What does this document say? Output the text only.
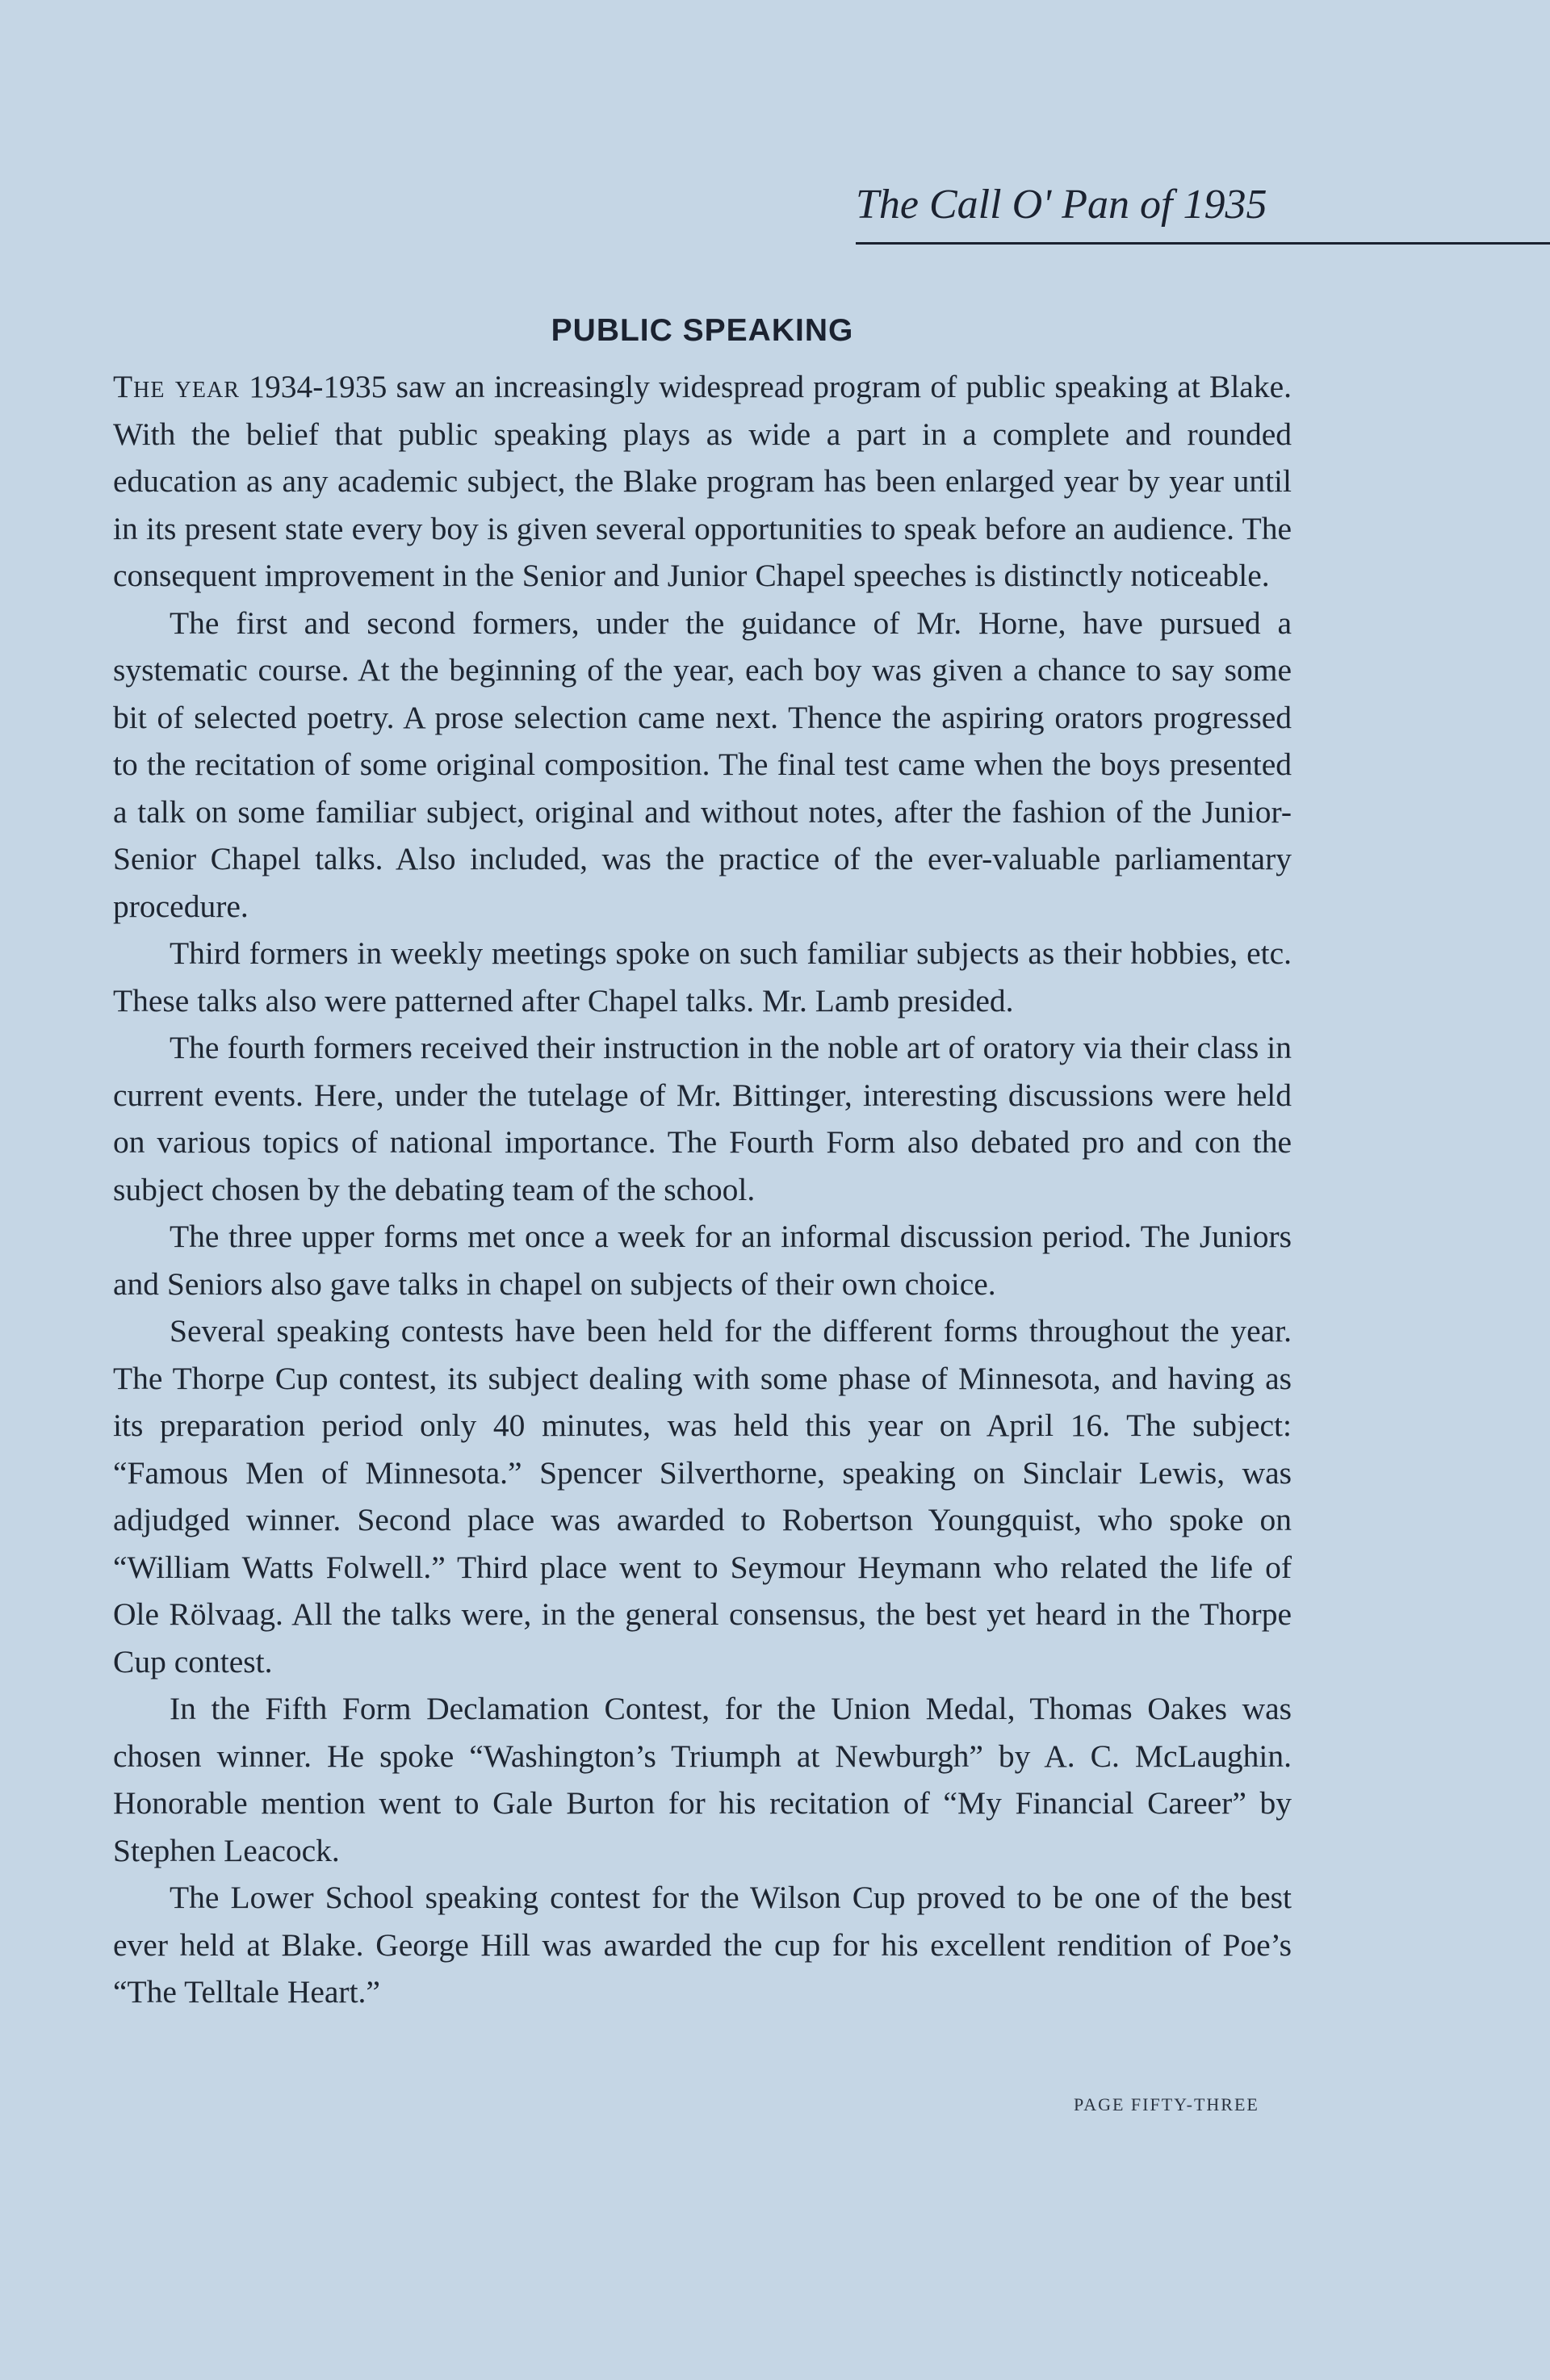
The Call O' Pan of 1935
PUBLIC SPEAKING

The year 1934-1935 saw an increasingly widespread program of public speaking at Blake. With the belief that public speaking plays as wide a part in a complete and rounded education as any academic subject, the Blake program has been enlarged year by year until in its present state every boy is given several opportunities to speak before an audience. The consequent improvement in the Senior and Junior Chapel speeches is distinctly noticeable.

The first and second formers, under the guidance of Mr. Horne, have pursued a systematic course. At the beginning of the year, each boy was given a chance to say some bit of selected poetry. A prose selection came next. Thence the aspiring orators progressed to the recitation of some original composition. The final test came when the boys presented a talk on some familiar subject, original and without notes, after the fashion of the Junior-Senior Chapel talks. Also included, was the practice of the ever-valuable parliamentary procedure.

Third formers in weekly meetings spoke on such familiar subjects as their hobbies, etc. These talks also were patterned after Chapel talks. Mr. Lamb presided.

The fourth formers received their instruction in the noble art of oratory via their class in current events. Here, under the tutelage of Mr. Bittinger, interesting discussions were held on various topics of national importance. The Fourth Form also debated pro and con the subject chosen by the debating team of the school.

The three upper forms met once a week for an informal discussion period. The Juniors and Seniors also gave talks in chapel on subjects of their own choice.

Several speaking contests have been held for the different forms throughout the year. The Thorpe Cup contest, its subject dealing with some phase of Minnesota, and having as its preparation period only 40 minutes, was held this year on April 16. The subject: “Famous Men of Minnesota.” Spencer Silverthorne, speaking on Sinclair Lewis, was adjudged winner. Second place was awarded to Robertson Youngquist, who spoke on “William Watts Folwell.” Third place went to Seymour Heymann who related the life of Ole Rölvaag. All the talks were, in the general consensus, the best yet heard in the Thorpe Cup contest.

In the Fifth Form Declamation Contest, for the Union Medal, Thomas Oakes was chosen winner. He spoke “Washington’s Triumph at Newburgh” by A. C. McLaughin. Honorable mention went to Gale Burton for his recitation of “My Financial Career” by Stephen Leacock.

The Lower School speaking contest for the Wilson Cup proved to be one of the best ever held at Blake. George Hill was awarded the cup for his excellent rendition of Poe’s “The Telltale Heart.”

PAGE FIFTY-THREE
